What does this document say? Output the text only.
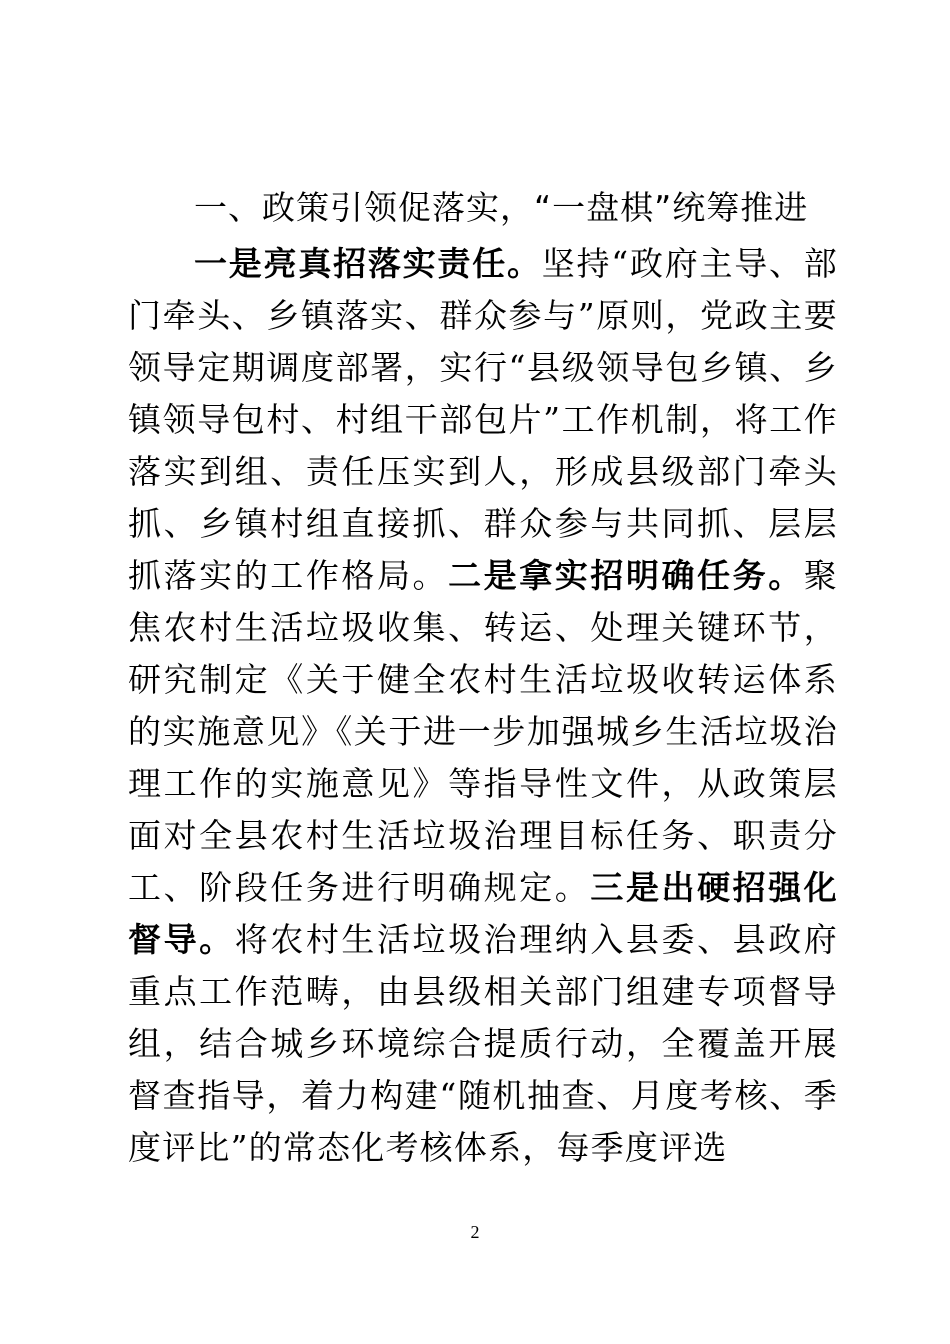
一、政策引领促落实，“一盘棋”统筹推进

一是亮真招落实责任。坚持“政府主导、部门牵头、乡镇落实、群众参与”原则，党政主要领导定期调度部署，实行“县级领导包乡镇、乡镇领导包村、村组干部包片”工作机制，将工作落实到组、责任压实到人，形成县级部门牵头抓、乡镇村组直接抓、群众参与共同抓、层层抓落实的工作格局。二是拿实招明确任务。聚焦农村生活垃圾收集、转运、处理关键环节，研究制定《关于健全农村生活垃圾收转运体系的实施意见》《关于进一步加强城乡生活垃圾治理工作的实施意见》等指导性文件，从政策层面对全县农村生活垃圾治理目标任务、职责分工、阶段任务进行明确规定。三是出硬招强化督导。将农村生活垃圾治理纳入县委、县政府重点工作范畴，由县级相关部门组建专项督导组，结合城乡环境综合提质行动，全覆盖开展督查指导，着力构建“随机抽查、月度考核、季度评比”的常态化考核体系，每季度评选

2
